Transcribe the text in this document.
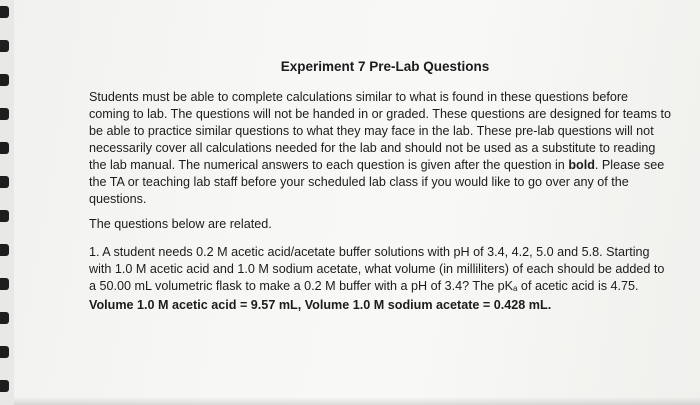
Experiment 7 Pre-Lab Questions

Students must be able to complete calculations similar to what is found in these questions before coming to lab. The questions will not be handed in or graded. These questions are designed for teams to be able to practice similar questions to what they may face in the lab. These pre-lab questions will not necessarily cover all calculations needed for the lab and should not be used as a substitute to reading the lab manual. The numerical answers to each question is given after the question in bold. Please see the TA or teaching lab staff before your scheduled lab class if you would like to go over any of the questions.

The questions below are related.

1. A student needs 0.2 M acetic acid/acetate buffer solutions with pH of 3.4, 4.2, 5.0 and 5.8. Starting with 1.0 M acetic acid and 1.0 M sodium acetate, what volume (in milliliters) of each should be added to a 50.00 mL volumetric flask to make a 0.2 M buffer with a pH of 3.4? The $pK_a$ of acetic acid is 4.75. Volume 1.0 M acetic acid = 9.57 mL, Volume 1.0 M sodium acetate = 0.428 mL.
